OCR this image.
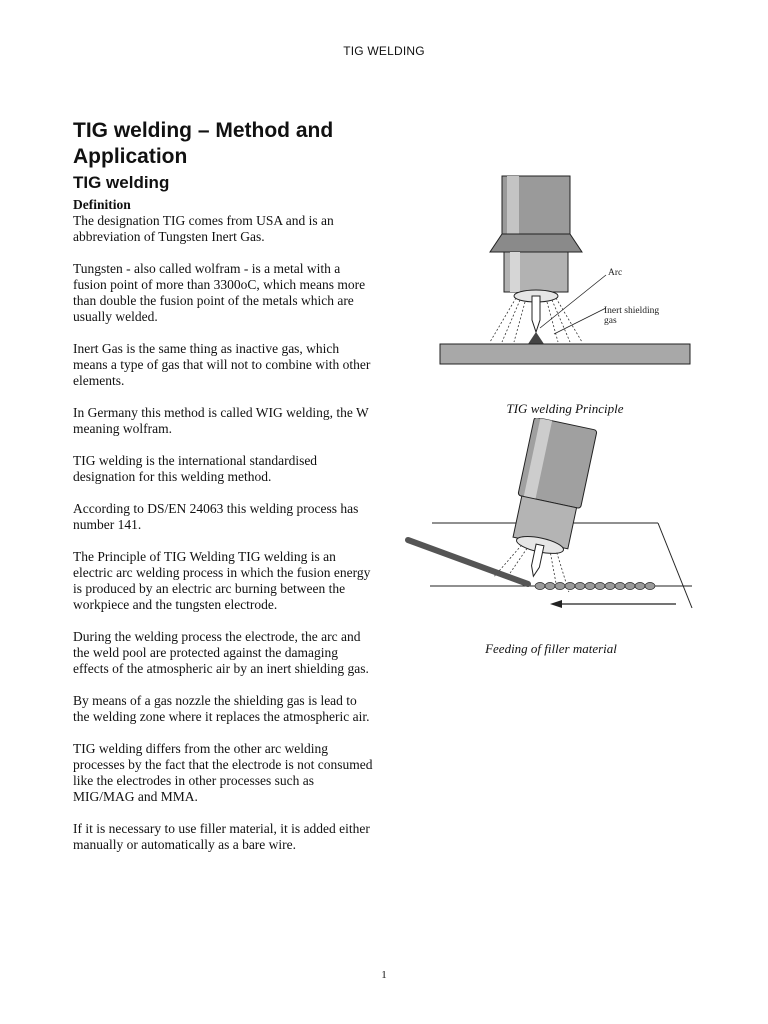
TIG WELDING
TIG welding – Method and Application
TIG welding

Definition

The designation TIG comes from USA and is an abbreviation of Tungsten Inert Gas.

Tungsten - also called wolfram - is a metal with a fusion point of more than 3300oC, which means more than double the fusion point of the metals which are usually welded.

Inert Gas is the same thing as inactive gas, which means a type of gas that will not to combine with other elements.

In Germany this method is called WIG welding, the W meaning wolfram.

TIG welding is the international standardised designation for this welding method.

According to DS/EN 24063 this welding process has number 141.

The Principle of TIG Welding TIG welding is an electric arc welding process in which the fusion energy is produced by an electric arc burning between the workpiece and the tungsten electrode.

During the welding process the electrode, the arc and the weld pool are protected against the damaging effects of the atmospheric air by an inert shielding gas.

By means of a gas nozzle the shielding gas is lead to the welding zone where it replaces the atmospheric air.

TIG welding differs from the other arc welding processes by the fact that the electrode is not consumed like the electrodes in other processes such as MIG/MAG and MMA.

If it is necessary to use filler material, it is added either manually or automatically as a bare wire.

Arc
Inert shielding
gas
TIG welding Principle
Feeding of filler material
1
